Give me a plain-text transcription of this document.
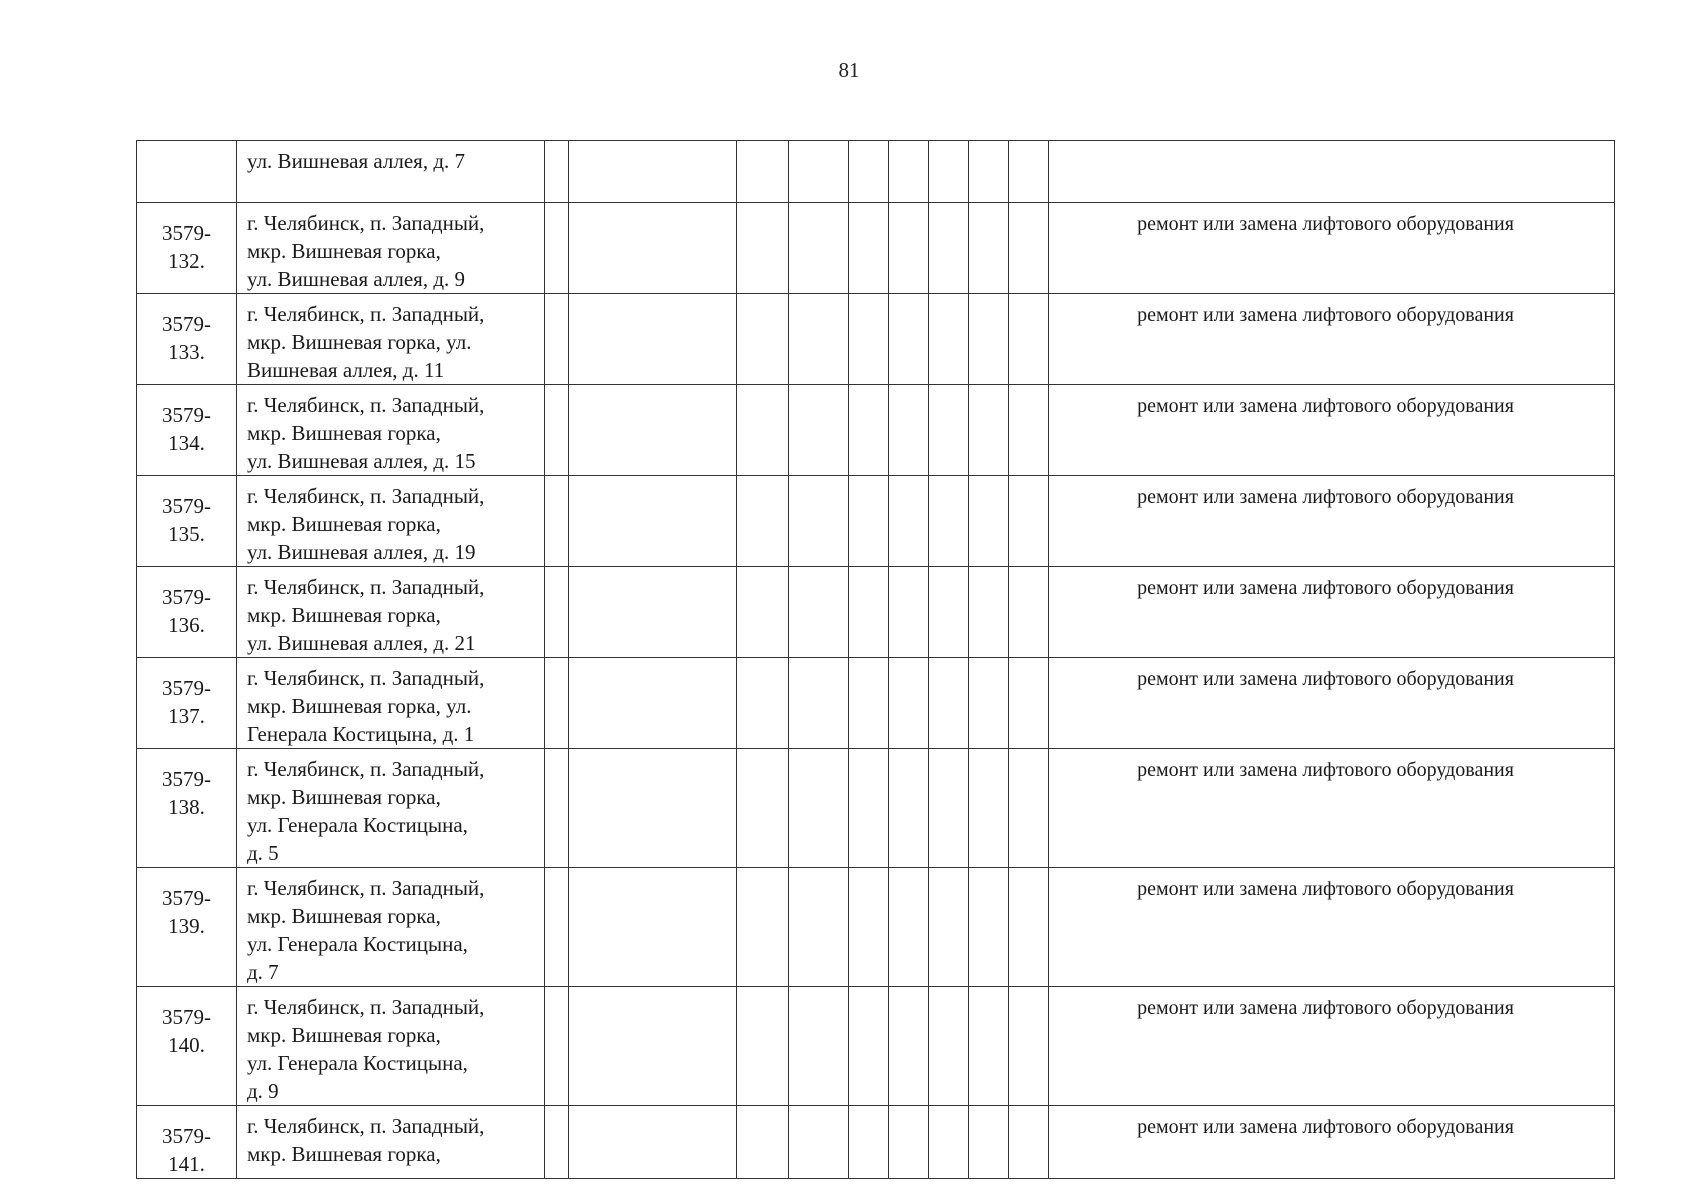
81
	ул. Вишневая аллея, д. 7										
3579-
132.	г. Челябинск, п. Западный,
мкр. Вишневая горка,
ул. Вишневая аллея, д. 9										ремонт или замена лифтового оборудования
3579-
133.	г. Челябинск, п. Западный,
мкр. Вишневая горка, ул.
Вишневая аллея, д. 11										ремонт или замена лифтового оборудования
3579-
134.	г. Челябинск, п. Западный,
мкр. Вишневая горка,
ул. Вишневая аллея, д. 15										ремонт или замена лифтового оборудования
3579-
135.	г. Челябинск, п. Западный,
мкр. Вишневая горка,
ул. Вишневая аллея, д. 19										ремонт или замена лифтового оборудования
3579-
136.	г. Челябинск, п. Западный,
мкр. Вишневая горка,
ул. Вишневая аллея, д. 21										ремонт или замена лифтового оборудования
3579-
137.	г. Челябинск, п. Западный,
мкр. Вишневая горка, ул.
Генерала Костицына, д. 1										ремонт или замена лифтового оборудования
3579-
138.	г. Челябинск, п. Западный,
мкр. Вишневая горка,
ул. Генерала Костицына,
д. 5										ремонт или замена лифтового оборудования
3579-
139.	г. Челябинск, п. Западный,
мкр. Вишневая горка,
ул. Генерала Костицына,
д. 7										ремонт или замена лифтового оборудования
3579-
140.	г. Челябинск, п. Западный,
мкр. Вишневая горка,
ул. Генерала Костицына,
д. 9										ремонт или замена лифтового оборудования
3579-
141.	г. Челябинск, п. Западный,
мкр. Вишневая горка,										ремонт или замена лифтового оборудования
